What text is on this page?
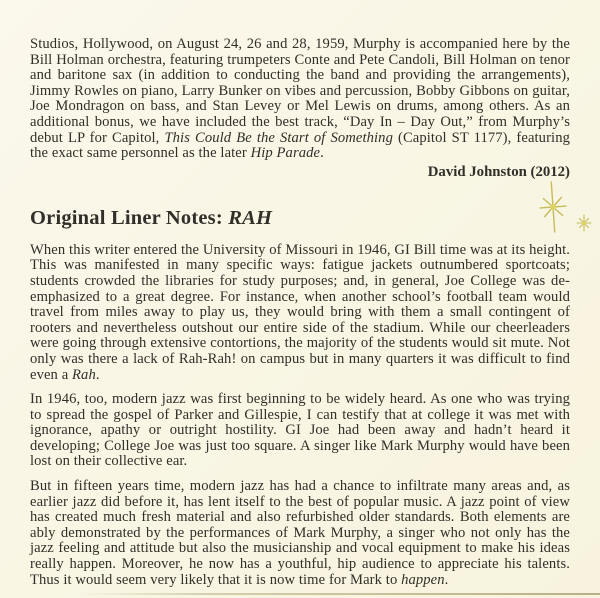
Studios, Hollywood, on August 24, 26 and 28, 1959, Murphy is accompanied here by the Bill Holman orchestra, featuring trumpeters Conte and Pete Candoli, Bill Holman on tenor and baritone sax (in addition to conducting the band and providing the arrangements), Jimmy Rowles on piano, Larry Bunker on vibes and percussion, Bobby Gibbons on guitar, Joe Mondragon on bass, and Stan Levey or Mel Lewis on drums, among others. As an additional bonus, we have included the best track, “Day In – Day Out,” from Murphy’s debut LP for Capitol, This Could Be the Start of Something (Capitol ST 1177), featuring the exact same personnel as the later Hip Parade.

David Johnston (2012)

Original Liner Notes: RAH

When this writer entered the University of Missouri in 1946, GI Bill time was at its height. This was manifested in many specific ways: fatigue jackets outnumbered sportcoats; students crowded the libraries for study purposes; and, in general, Joe College was de-emphasized to a great degree. For instance, when another school’s football team would travel from miles away to play us, they would bring with them a small contingent of rooters and nevertheless outshout our entire side of the stadium. While our cheerleaders were going through extensive contortions, the majority of the students would sit mute. Not only was there a lack of Rah-Rah! on campus but in many quarters it was difficult to find even a Rah.

In 1946, too, modern jazz was first beginning to be widely heard. As one who was trying to spread the gospel of Parker and Gillespie, I can testify that at college it was met with ignorance, apathy or outright hostility. GI Joe had been away and hadn’t heard it developing; College Joe was just too square. A singer like Mark Murphy would have been lost on their collective ear.

But in fifteen years time, modern jazz has had a chance to infiltrate many areas and, as earlier jazz did before it, has lent itself to the best of popular music. A jazz point of view has created much fresh material and also refurbished older standards. Both elements are ably demonstrated by the performances of Mark Murphy, a singer who not only has the jazz feeling and attitude but also the musicianship and vocal equipment to make his ideas really happen. Moreover, he now has a youthful, hip audience to appreciate his talents. Thus it would seem very likely that it is now time for Mark to happen.
